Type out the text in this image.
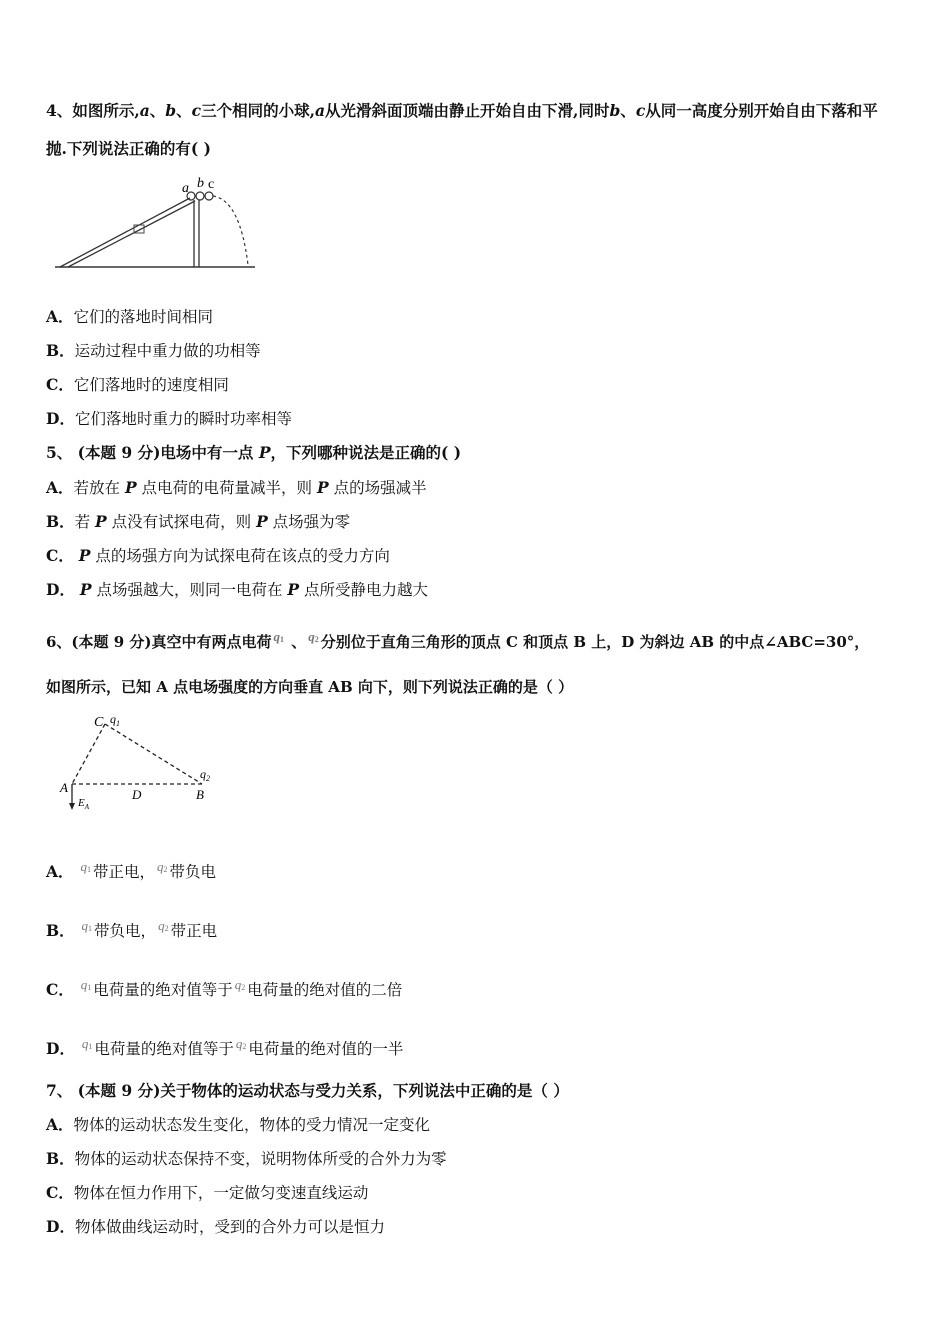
4、如图所示,a、b、c三个相同的小球,a从光滑斜面顶端由静止开始自由下滑,同时b、c从同一高度分别开始自由下落和平
抛.下列说法正确的有( )
a b c
A．它们的落地时间相同
B．运动过程中重力做的功相等
C．它们落地时的速度相同
D．它们落地时重力的瞬时功率相等
5、 (本题 9 分)电场中有一点 P，下列哪种说法是正确的( )
A．若放在 P 点电荷的电荷量减半，则 P 点的场强减半
B．若 P 点没有试探电荷，则 P 点场强为零
C． P 点的场强方向为试探电荷在该点的受力方向
D． P 点场强越大，则同一电荷在 P 点所受静电力越大
6、(本题 9 分)真空中有两点电荷 $q_1$ 、 $q_2$ 分别位于直角三角形的顶点 C 和顶点 B 上，D 为斜边 AB 的中点∠ABC=30°，
如图所示，已知 A 点电场强度的方向垂直 AB 向下，则下列说法正确的是（ ）
C $q_1$
$q_2$
A	D	B
$E_A$
A． $^{q_1}$ 带正电， $^{q_2}$ 带负电
B． $^{q_1}$ 带负电， $^{q_2}$ 带正电
C． $^{q_1}$ 电荷量的绝对值等于 $^{q_2}$ 电荷量的绝对值的二倍
D． $^{q_1}$ 电荷量的绝对值等于 $^{q_2}$ 电荷量的绝对值的一半
7、 (本题 9 分)关于物体的运动状态与受力关系，下列说法中正确的是（ ）
A．物体的运动状态发生变化，物体的受力情况一定变化
B．物体的运动状态保持不变，说明物体所受的合外力为零
C．物体在恒力作用下，一定做匀变速直线运动
D．物体做曲线运动时，受到的合外力可以是恒力
